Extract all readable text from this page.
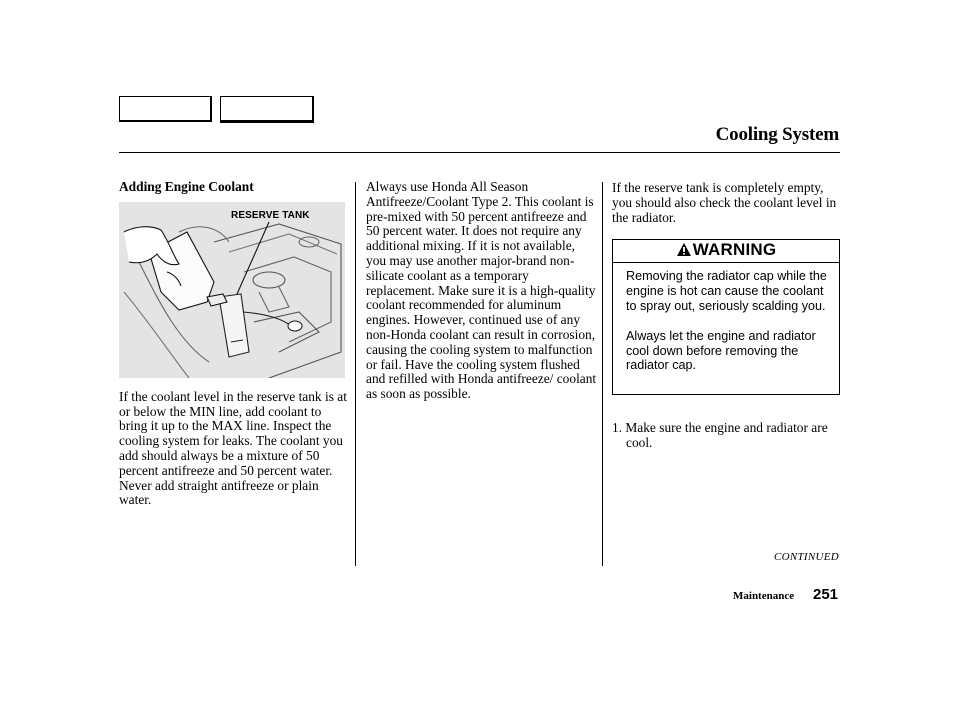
Cooling System
Adding Engine Coolant
RESERVE TANK

If the coolant level in the reserve tank is at or below the MIN line, add coolant to bring it up to the MAX line. Inspect the cooling system for leaks. The coolant you add should always be a mixture of 50 percent antifreeze and 50 percent water. Never add straight antifreeze or plain water.

Always use Honda All Season Antifreeze/Coolant Type 2. This coolant is pre-mixed with 50 percent antifreeze and 50 percent water. It does not require any additional mixing. If it is not available, you may use another major-brand non-silicate coolant as a temporary replacement. Make sure it is a high-quality coolant recommended for aluminum engines. However, continued use of any non-Honda coolant can result in corrosion, causing the cooling system to malfunction or fail. Have the cooling system flushed and refilled with Honda antifreeze/ coolant as soon as possible.

If the reserve tank is completely empty, you should also check the coolant level in the radiator.

WARNING

Removing the radiator cap while the engine is hot can cause the coolant to spray out, seriously scalding you.

Always let the engine and radiator cool down before removing the radiator cap.

1. Make sure the engine and radiator are cool.

CONTINUED
Maintenance 251
